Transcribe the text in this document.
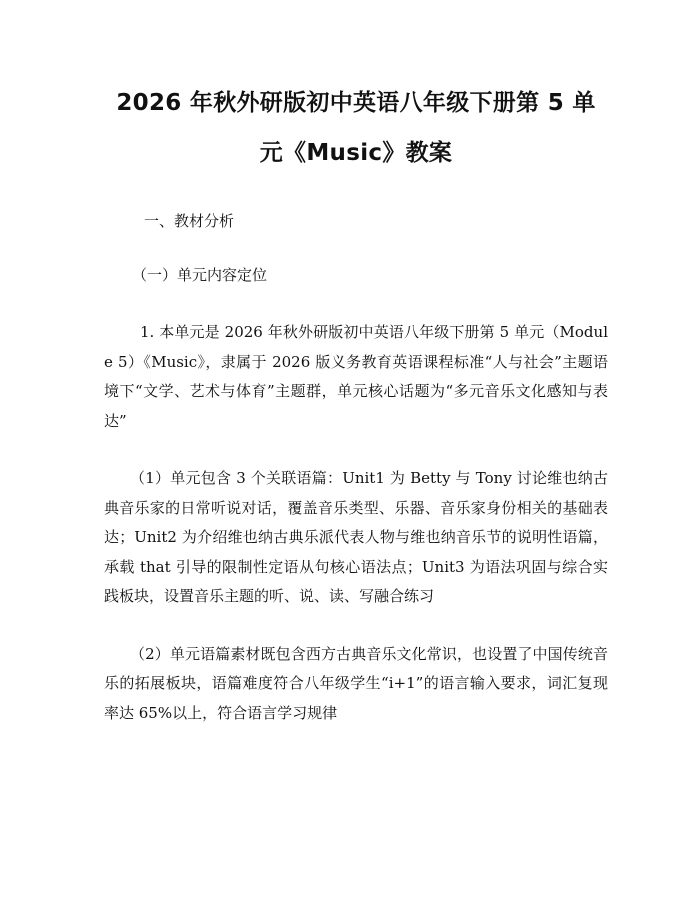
2026 年秋外研版初中英语八年级下册第 5 单
元《Music》教案

一、教材分析

（一）单元内容定位

1. 本单元是 2026 年秋外研版初中英语八年级下册第 5 单元（Module 5）《Music》，隶属于 2026 版义务教育英语课程标准“人与社会”主题语境下“文学、艺术与体育”主题群，单元核心话题为“多元音乐文化感知与表达”

（1）单元包含 3 个关联语篇：Unit1 为 Betty 与 Tony 讨论维也纳古典音乐家的日常听说对话，覆盖音乐类型、乐器、音乐家身份相关的基础表达；Unit2 为介绍维也纳古典乐派代表人物与维也纳音乐节的说明性语篇，承载 that 引导的限制性定语从句核心语法点；Unit3 为语法巩固与综合实践板块，设置音乐主题的听、说、读、写融合练习

（2）单元语篇素材既包含西方古典音乐文化常识，也设置了中国传统音乐的拓展板块，语篇难度符合八年级学生“i+1”的语言输入要求，词汇复现率达 65%以上，符合语言学习规律
